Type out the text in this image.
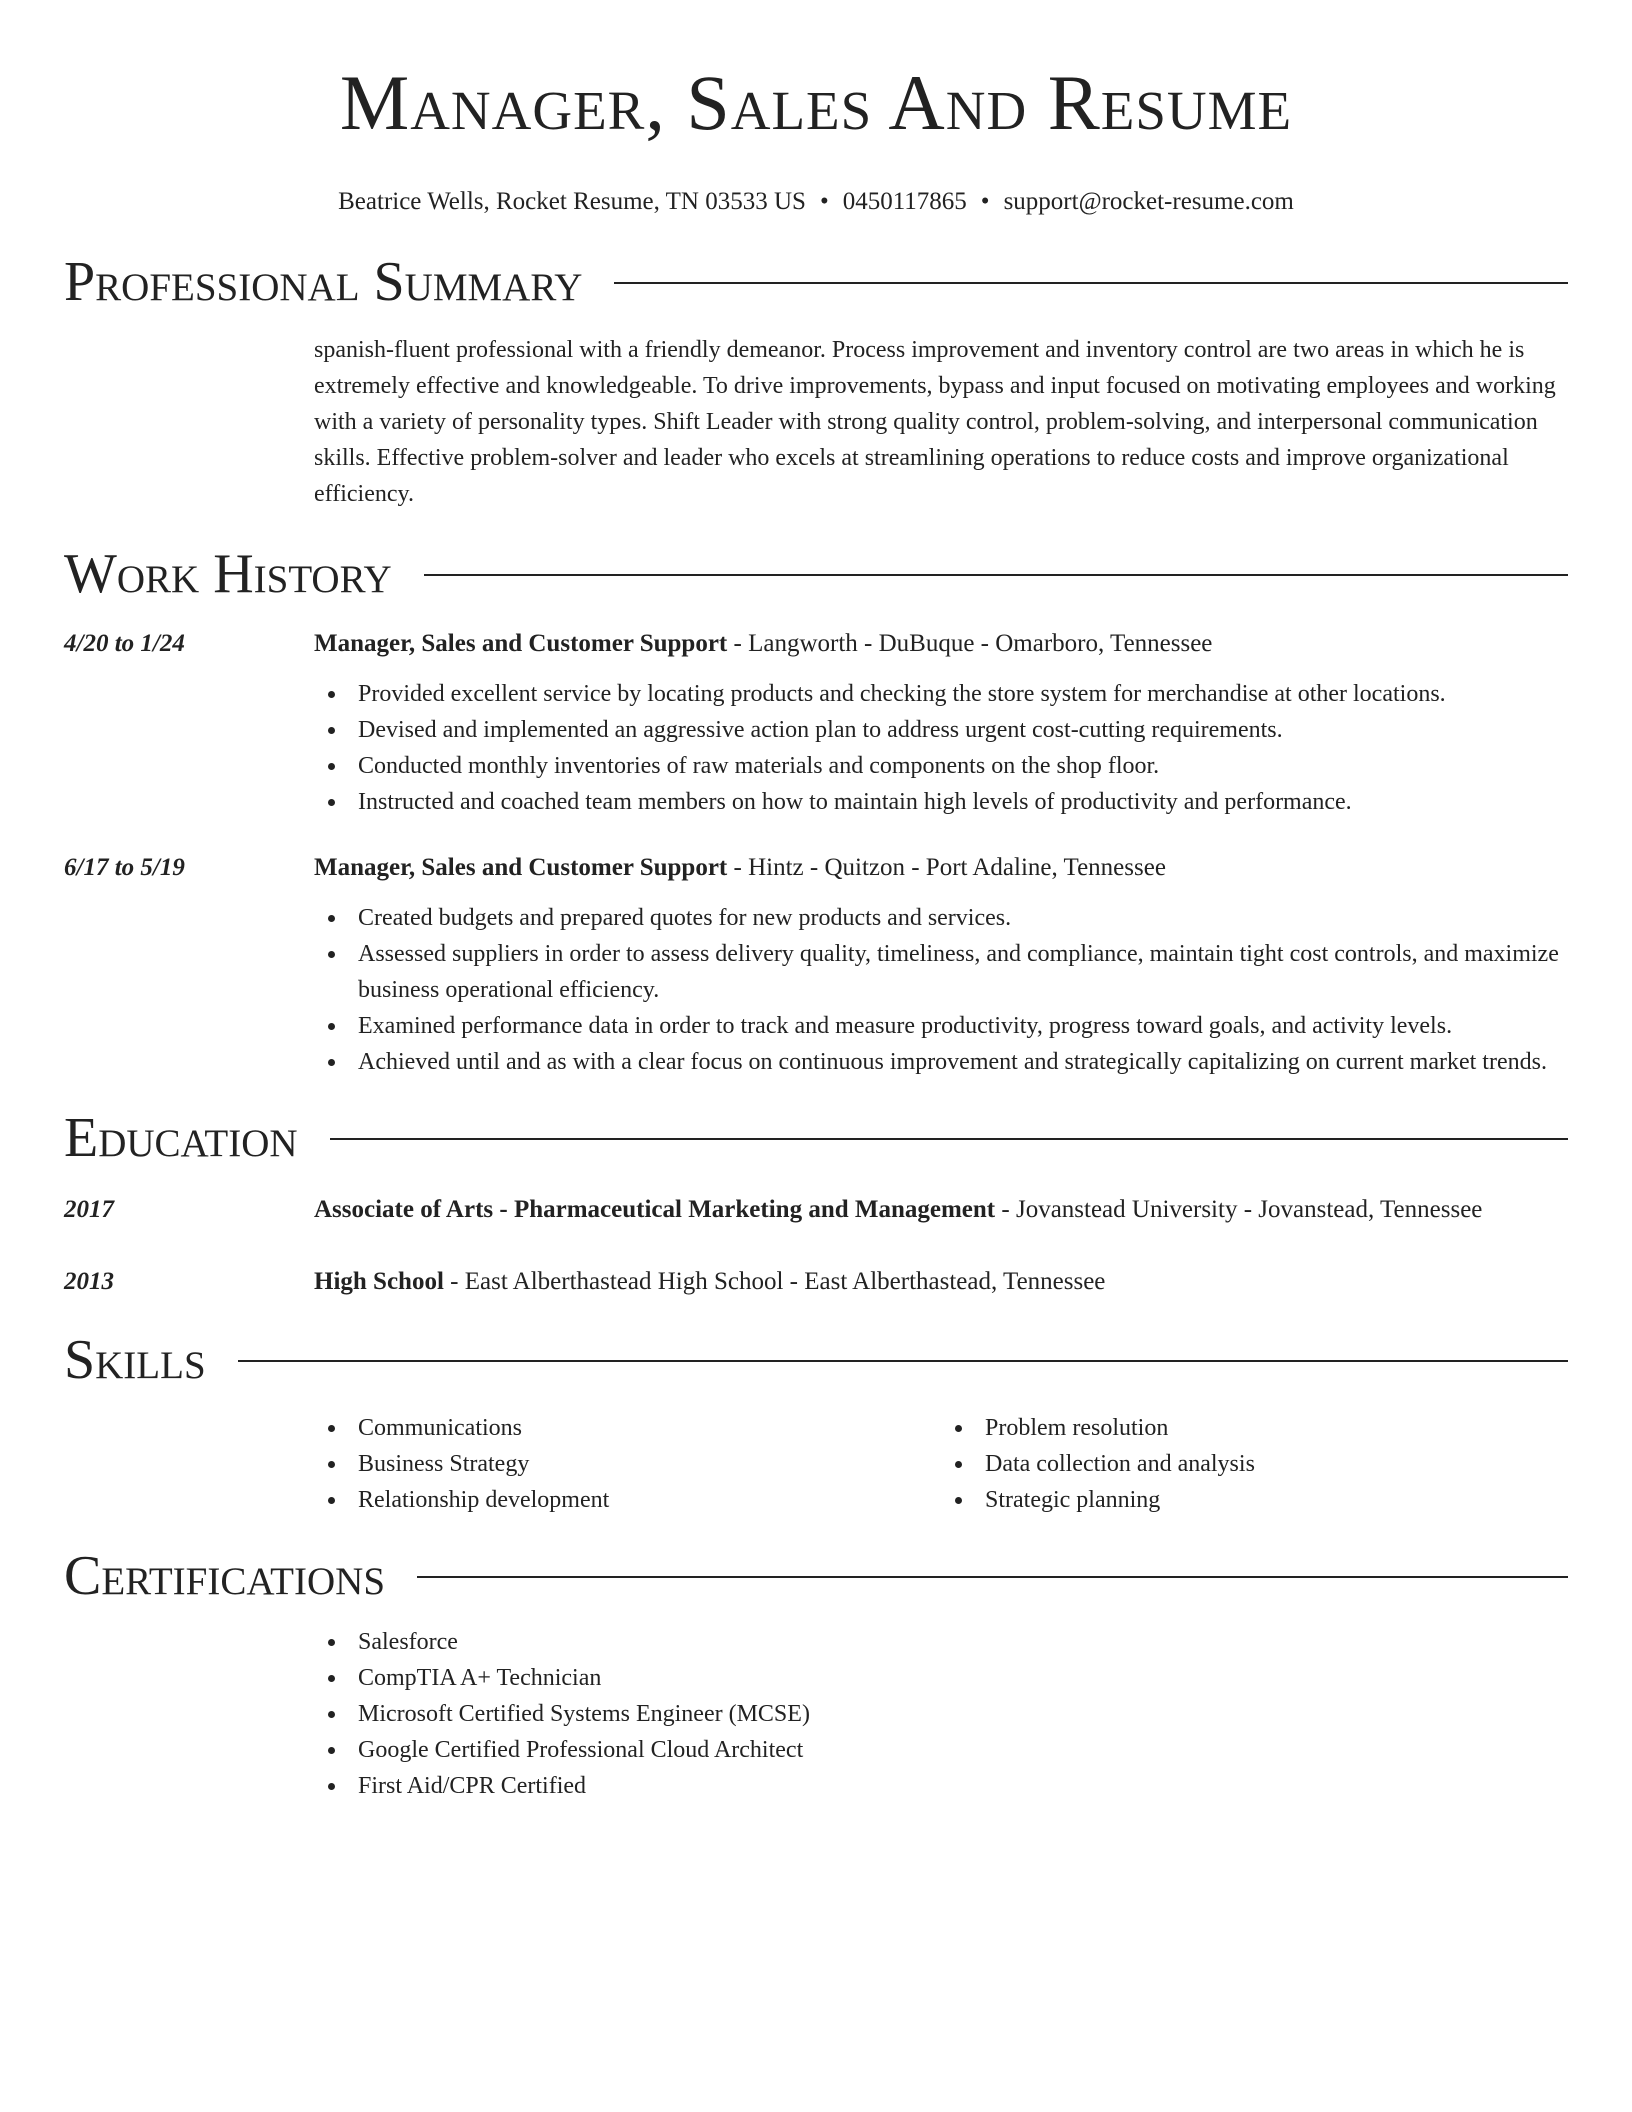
Manager, Sales And Resume
Beatrice Wells, Rocket Resume, TN 03533 US • 0450117865 • support@rocket-resume.com
Professional Summary
spanish-fluent professional with a friendly demeanor. Process improvement and inventory control are two areas in which he is extremely effective and knowledgeable. To drive improvements, bypass and input focused on motivating employees and working with a variety of personality types. Shift Leader with strong quality control, problem-solving, and interpersonal communication skills. Effective problem-solver and leader who excels at streamlining operations to reduce costs and improve organizational efficiency.
Work History
4/20 to 1/24	Manager, Sales and Customer Support - Langworth - DuBuque - Omarboro, Tennessee
Provided excellent service by locating products and checking the store system for merchandise at other locations.
Devised and implemented an aggressive action plan to address urgent cost-cutting requirements.
Conducted monthly inventories of raw materials and components on the shop floor.
Instructed and coached team members on how to maintain high levels of productivity and performance.
6/17 to 5/19	Manager, Sales and Customer Support - Hintz - Quitzon - Port Adaline, Tennessee
Created budgets and prepared quotes for new products and services.
Assessed suppliers in order to assess delivery quality, timeliness, and compliance, maintain tight cost controls, and maximize business operational efficiency.
Examined performance data in order to track and measure productivity, progress toward goals, and activity levels.
Achieved until and as with a clear focus on continuous improvement and strategically capitalizing on current market trends.
Education
2017	Associate of Arts - Pharmaceutical Marketing and Management - Jovanstead University - Jovanstead, Tennessee
2013	High School - East Alberthastead High School - East Alberthastead, Tennessee
Skills
Communications
Business Strategy
Relationship development
Problem resolution
Data collection and analysis
Strategic planning
Certifications
Salesforce
CompTIA A+ Technician
Microsoft Certified Systems Engineer (MCSE)
Google Certified Professional Cloud Architect
First Aid/CPR Certified
